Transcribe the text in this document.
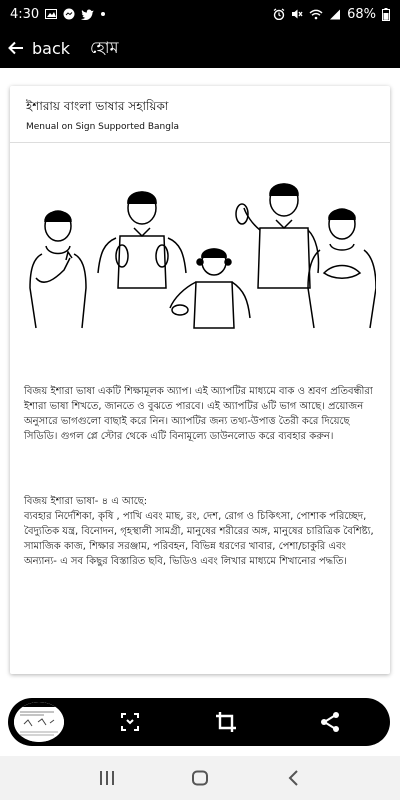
4:30	68%
back হোম
ইশারায় বাংলা ভাষার সহায়িকা
Menual on Sign Supported Bangla
বিজয় ইশারা ভাষা একটি শিক্ষামূলক অ্যাপ। এই অ্যাপটির মাধ্যমে বাক ও শ্রবণ প্রতিবন্ধীরা ইশারা ভাষা শিখতে, জানতে ও বুঝতে পারবে। এই অ্যাপটির ৬টি ভাগ আছে। প্রয়োজন অনুসারে ভাগগুলো বাছাই করে নিন। অ্যাপটির জন্য তথ্য-উপাত্ত তৈরী করে দিয়েছে সিডিডি। গুগল প্লে স্টোর থেকে এটি বিনামূল্যে ডাউনলোড করে ব্যবহার করুন।
বিজয় ইশারা ভাষা- ৪ এ আছে:
ব্যবহার নির্দেশিকা, কৃষি , পাখি এবং মাছ, রং, দেশ, রোগ ও চিকিৎসা, পোশাক পরিচ্ছেদ, বৈদ্যুতিক যন্ত্র, বিনোদন, গৃহস্থালী সামগ্রী, মানুষের শরীরের অঙ্গ, মানুষের চারিত্রিক বৈশিষ্ট্য, সামাজিক কাজ, শিক্ষার সরঞ্জাম, পরিবহন, বিভিন্ন ধরণের খাবার, পেশা/চাকুরি এবং অন্যান্য- এ সব কিছুর বিস্তারিত ছবি, ভিডিও এবং লিখার মাধ্যমে শিখানোর পদ্ধতি।
